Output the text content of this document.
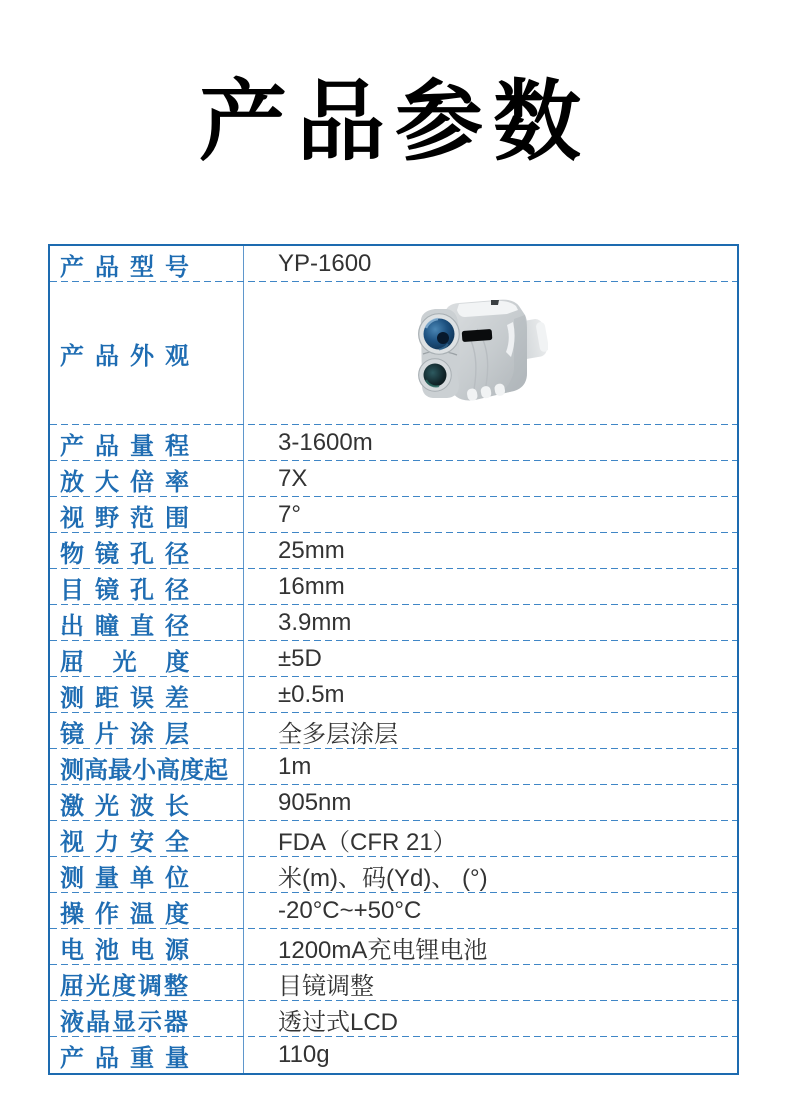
产品参数
产品型号	YP-1600
产品外观
产品量程	3-1600m
放大倍率	7X
视野范围	7°
物镜孔径	25mm
目镜孔径	16mm
出瞳直径	3.9mm
屈 光 度	±5D
测距误差	±0.5m
镜片涂层	全多层涂层
测高最小高度起	1m
激光波长	905nm
视力安全	FDA（CFR 21）
测量单位	米(m)、码(Yd)、 (°)
操作温度	-20°C~+50°C
电池电源	1200mA充电锂电池
屈光度调整	目镜调整
液晶显示器	透过式LCD
产品重量	110g
